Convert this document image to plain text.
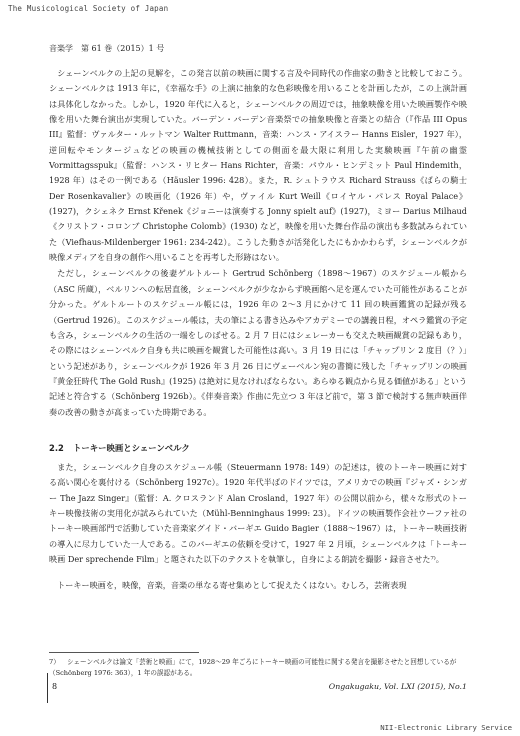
The Musicological Society of Japan
音楽学　第 61 巻（2015）1 号

シェーンベルクの上記の見解を，この発言以前の映画に関する言及や同時代の作曲家の動きと比較しておこう。シェーンベルクは 1913 年に，《幸福な手》の上演に抽象的な色彩映像を用いることを計画したが，この上演計画は具体化しなかった。しかし，1920 年代に入ると，シェーンベルクの周辺では，抽象映像を用いた映画製作や映像を用いた舞台演出が実現していた。バーデン・バーデン音楽祭での抽象映像と音楽との結合（『作品 III Opus III』監督：ヴァルター・ルットマン Walter Ruttmann，音楽：ハンス・アイスラー Hanns Eisler，1927 年），逆回転やモンタージュなどの映画の機械技術としての側面を最大限に利用した実験映画『午前の幽霊 Vormittagsspuk』（監督：ハンス・リヒター Hans Richter，音楽：パウル・ヒンデミット Paul Hindemith，1928 年）はその一例である（Häusler 1996: 428）。また，R. シュトラウス Richard Strauss《ばらの騎士 Der Rosenkavalier》の映画化（1926 年）や，ヴァイル Kurt Weill《ロイヤル・パレス Royal Palace》(1927)，クシェネク Ernst Křenek《ジョニーは演奏する Jonny spielt auf》(1927)，ミヨー Darius Milhaud《クリストフ・コロンブ Christophe Colomb》(1930) など，映像を用いた舞台作品の演出も多数試みられていた（Viefhaus-Mildenberger 1961: 234-242）。こうした動きが活発化したにもかかわらず，シェーンベルクが映像メディアを自身の創作へ用いることを再考した形跡はない。

ただし，シェーンベルクの後妻ゲルトルート Gertrud Schönberg（1898〜1967）のスケジュール帳から（ASC 所蔵），ベルリンへの転居直後，シェーンベルクが少なからず映画館へ足を運んでいた可能性があることが分かった。ゲルトルートのスケジュール帳には，1926 年の 2〜3 月にかけて 11 回の映画鑑賞の記録が残る（Gertrud 1926）。このスケジュール帳は，夫の筆による書き込みやアカデミーでの講義日程，オペラ鑑賞の予定も含み，シェーンベルクの生活の一端をしのばせる。2 月 7 日にはシェレーカーも交えた映画観賞の記録もあり，その際にはシェーンベルク自身も共に映画を観賞した可能性は高い。3 月 19 日には「チャップリン 2 度目（？）」という記述があり，シェーンベルクが 1926 年 3 月 26 日にヴェーベルン宛の書簡に残した「チャップリンの映画『黄金狂時代 The Gold Rush』(1925) は絶対に見なければならない。あらゆる観点から見る価値がある」という記述と符合する（Schönberg 1926b）。《伴奏音楽》作曲に先立つ 3 年ほど前で，第 3 節で検討する無声映画伴奏の改善の動きが高まっていた時期である。

2.2 トーキー映画とシェーンベルク

また，シェーンベルク自身のスケジュール帳（Steuermann 1978: 149）の記述は，彼のトーキー映画に対する高い関心を裏付ける（Schönberg 1927c）。1920 年代半ばのドイツでは，アメリカでの映画『ジャズ・シンガー The Jazz Singer』（監督：A. クロスランド Alan Crosland，1927 年）の公開以前から，様々な形式のトーキー映像技術の実用化が試みられていた（Mühl-Benninghaus 1999: 23）。ドイツの映画製作会社ウーファ社のトーキー映画部門で活動していた音楽家グイド・バーギエ Guido Bagier（1888〜1967）は，トーキー映画技術の導入に尽力していた一人である。このバーギエの依頼を受けて，1927 年 2 月頃，シェーンベルクは「トーキー映画 Der sprechende Film」と題された以下のテクストを執筆し，自身による朗読を撮影・録音させた⁷⁾。

トーキー映画を，映像，音楽，音楽の単なる寄せ集めとして捉えたくはない。むしろ，芸術表現

7） シェーンベルクは論文「芸術と映画」にて，1928〜29 年ごろにトーキー映画の可能性に関する発言を撮影させたと回想しているが（Schönberg 1976: 363），1 年の誤認がある。
8	Ongakugaku, Vol. LXI (2015), No.1
NII-Electronic Library Service
